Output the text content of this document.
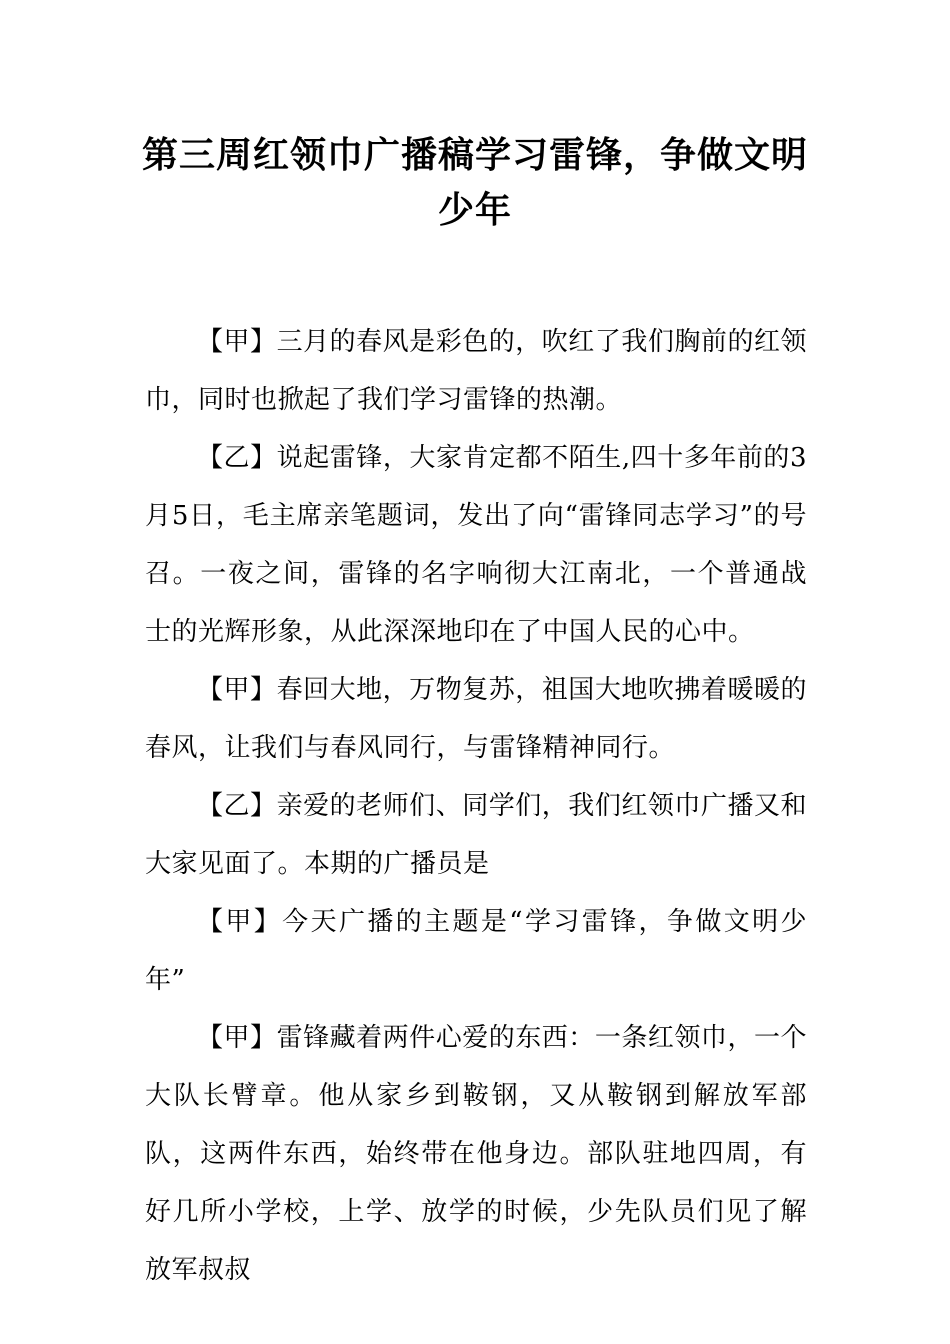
第三周红领巾广播稿学习雷锋，争做文明少年

【甲】三月的春风是彩色的，吹红了我们胸前的红领巾，同时也掀起了我们学习雷锋的热潮。

【乙】说起雷锋，大家肯定都不陌生,四十多年前的3月5日，毛主席亲笔题词，发出了向“雷锋同志学习”的号召。一夜之间，雷锋的名字响彻大江南北，一个普通战士的光辉形象，从此深深地印在了中国人民的心中。

【甲】春回大地，万物复苏，祖国大地吹拂着暖暖的春风，让我们与春风同行，与雷锋精神同行。

【乙】亲爱的老师们、同学们，我们红领巾广播又和大家见面了。本期的广播员是

【甲】今天广播的主题是“学习雷锋，争做文明少年”

【甲】雷锋藏着两件心爱的东西：一条红领巾，一个大队长臂章。他从家乡到鞍钢，又从鞍钢到解放军部队，这两件东西，始终带在他身边。部队驻地四周，有好几所小学校，上学、放学的时候，少先队员们见了解放军叔叔
